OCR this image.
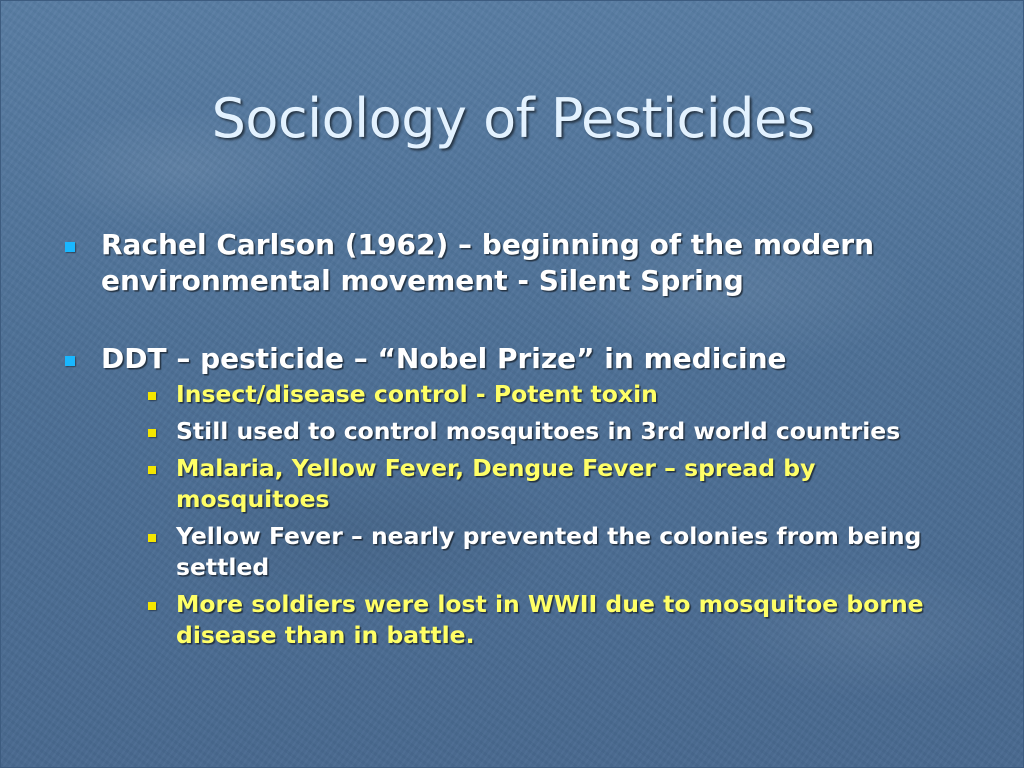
Sociology of Pesticides
Rachel Carlson (1962) – beginning of the modern environmental movement - Silent Spring
DDT – pesticide – “Nobel Prize” in medicine
Insect/disease control - Potent toxin
Still used to control mosquitoes in 3rd world countries
Malaria, Yellow Fever, Dengue Fever – spread by mosquitoes
Yellow Fever – nearly prevented the colonies from being settled
More soldiers were lost in WWII due to mosquitoe borne disease than in battle.
